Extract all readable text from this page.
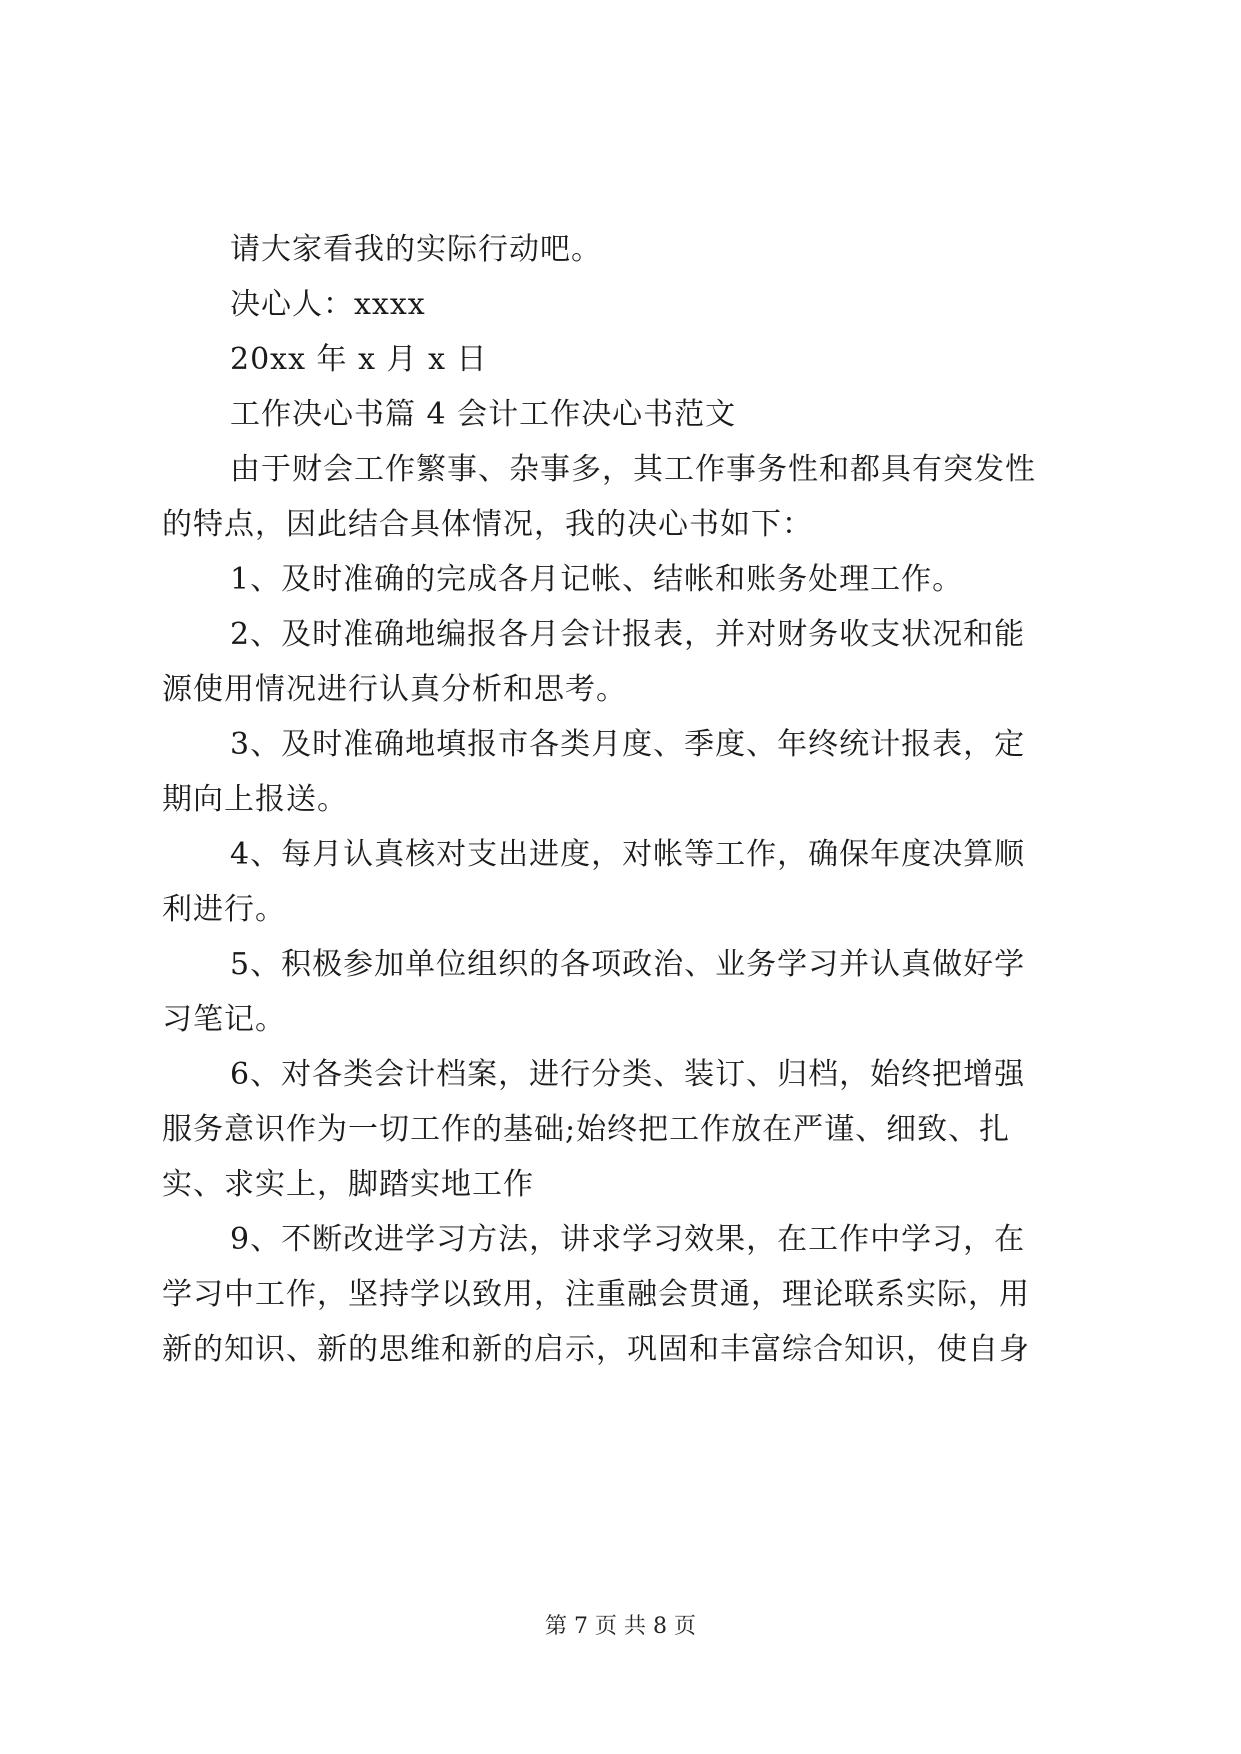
请大家看我的实际行动吧。
决心人：xxxx
20xx 年 x 月 x 日
工作决心书篇 4 会计工作决心书范文
由于财会工作繁事、杂事多，其工作事务性和都具有突发性
的特点，因此结合具体情况，我的决心书如下：
1、及时准确的完成各月记帐、结帐和账务处理工作。
2、及时准确地编报各月会计报表，并对财务收支状况和能
源使用情况进行认真分析和思考。
3、及时准确地填报市各类月度、季度、年终统计报表，定
期向上报送。
4、每月认真核对支出进度，对帐等工作，确保年度决算顺
利进行。
5、积极参加单位组织的各项政治、业务学习并认真做好学
习笔记。
6、对各类会计档案，进行分类、装订、归档，始终把增强
服务意识作为一切工作的基础;始终把工作放在严谨、细致、扎
实、求实上，脚踏实地工作
9、不断改进学习方法，讲求学习效果，在工作中学习，在
学习中工作，坚持学以致用，注重融会贯通，理论联系实际，用
新的知识、新的思维和新的启示，巩固和丰富综合知识，使自身
第 7 页 共 8 页
